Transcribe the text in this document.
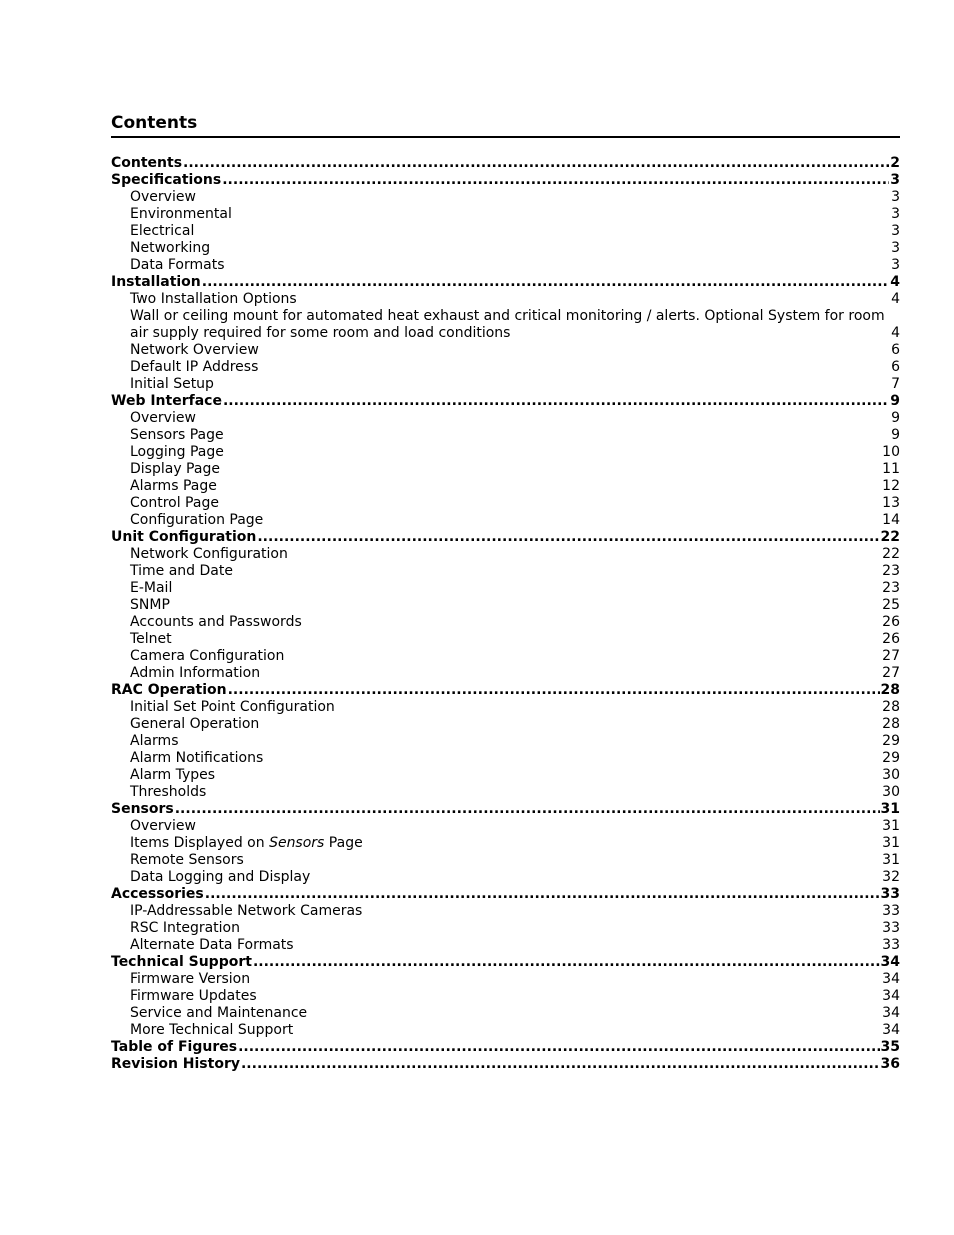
Contents
Contents .....	2
Specifications .....	3
Overview	3
Environmental	3
Electrical	3
Networking	3
Data Formats	3
Installation .....	4
Two Installation Options	4
Wall or ceiling mount for automated heat exhaust and critical monitoring / alerts. Optional System for room air supply required for some room and load conditions	4
Network Overview	6
Default IP Address	6
Initial Setup	7
Web Interface .....	9
Overview	9
Sensors Page	9
Logging Page	10
Display Page	11
Alarms Page	12
Control Page	13
Configuration Page	14
Unit Configuration .....	22
Network Configuration	22
Time and Date	23
E-Mail	23
SNMP	25
Accounts and Passwords	26
Telnet	26
Camera Configuration	27
Admin Information	27
RAC Operation .....	28
Initial Set Point Configuration	28
General Operation	28
Alarms	29
Alarm Notifications	29
Alarm Types	30
Thresholds	30
Sensors .....	31
Overview	31
Items Displayed on Sensors Page	31
Remote Sensors	31
Data Logging and Display	32
Accessories .....	33
IP-Addressable Network Cameras	33
RSC Integration	33
Alternate Data Formats	33
Technical Support .....	34
Firmware Version	34
Firmware Updates	34
Service and Maintenance	34
More Technical Support	34
Table of Figures .....	35
Revision History .....	36
